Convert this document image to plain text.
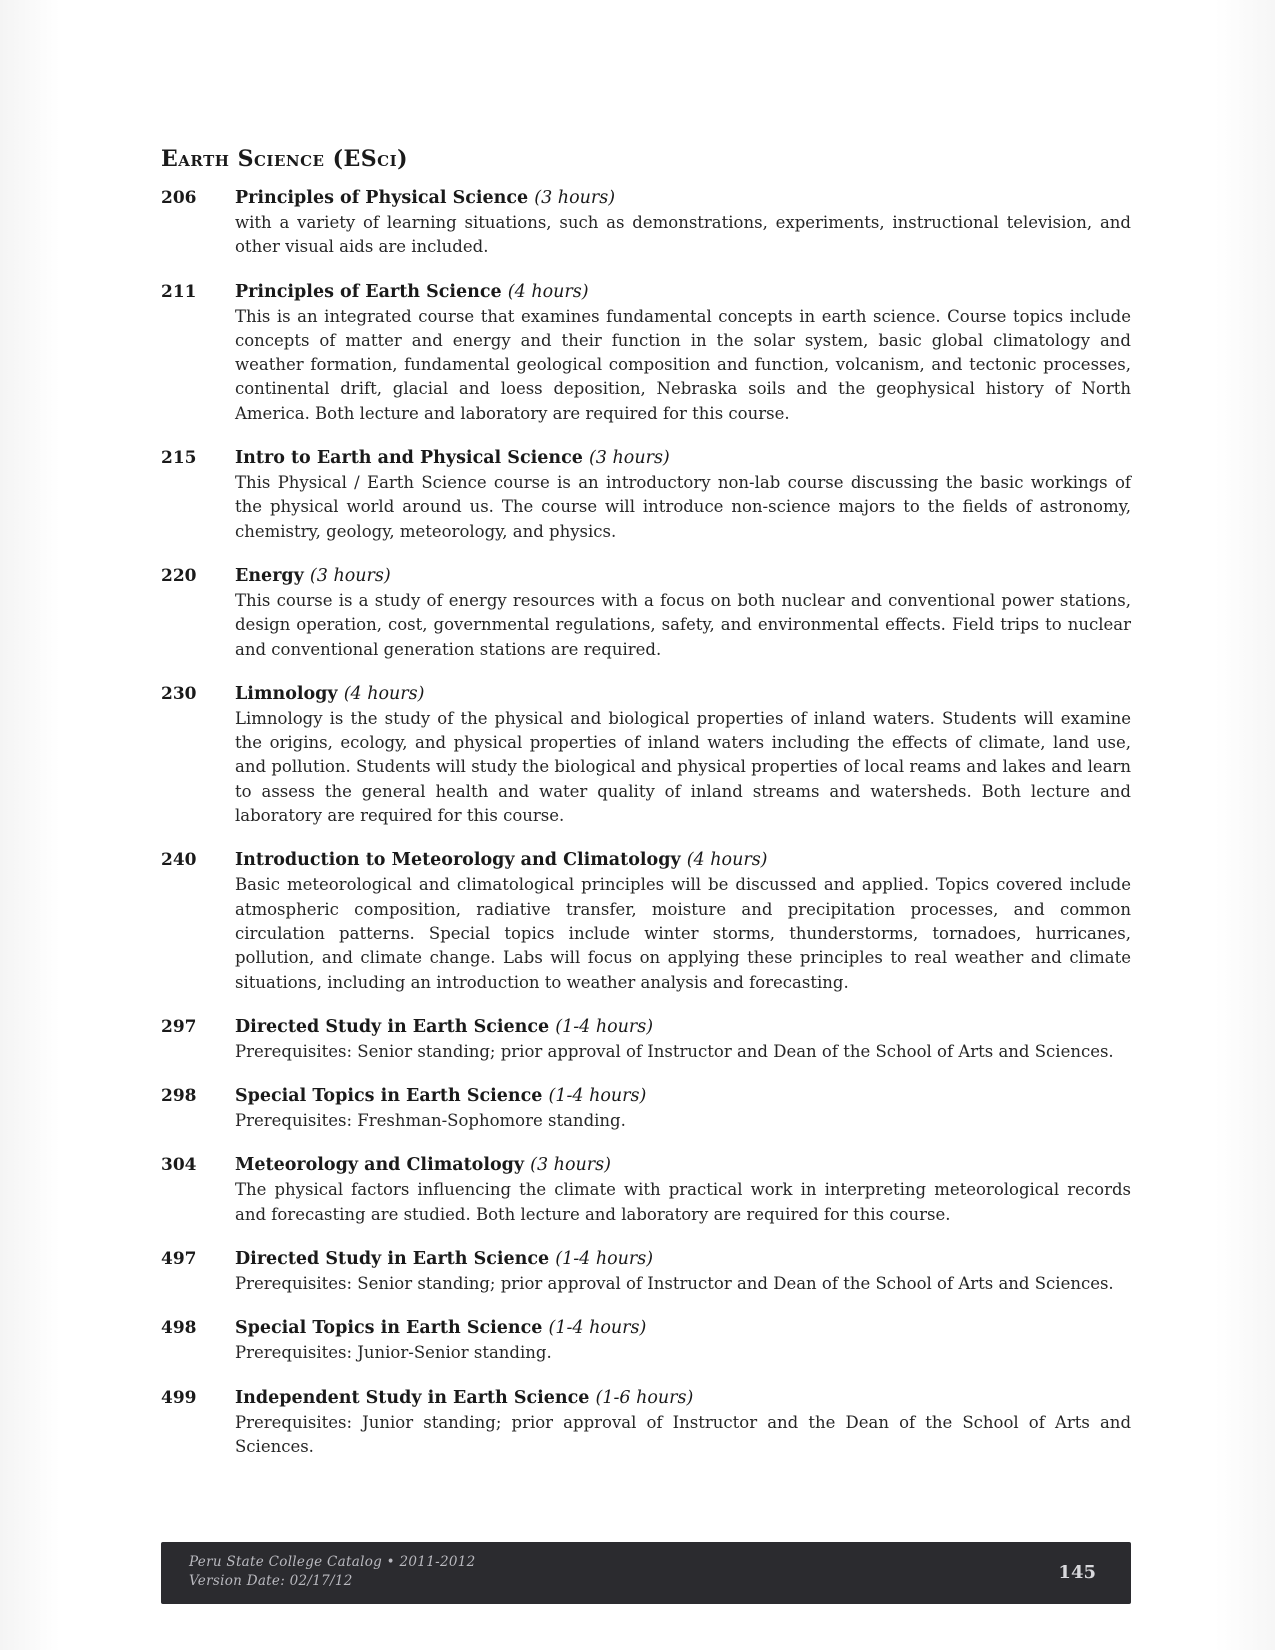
Earth Science (ESci)
206 Principles of Physical Science (3 hours)
with a variety of learning situations, such as demonstrations, experiments, instructional television, and other visual aids are included.
211 Principles of Earth Science (4 hours)
This is an integrated course that examines fundamental concepts in earth science. Course topics include concepts of matter and energy and their function in the solar system, basic global climatology and weather formation, fundamental geological composition and function, volcanism, and tectonic processes, continental drift, glacial and loess deposition, Nebraska soils and the geophysical history of North America. Both lecture and laboratory are required for this course.
215 Intro to Earth and Physical Science (3 hours)
This Physical / Earth Science course is an introductory non-lab course discussing the basic workings of the physical world around us. The course will introduce non-science majors to the fields of astronomy, chemistry, geology, meteorology, and physics.
220 Energy (3 hours)
This course is a study of energy resources with a focus on both nuclear and conventional power stations, design operation, cost, governmental regulations, safety, and environmental effects. Field trips to nuclear and conventional generation stations are required.
230 Limnology (4 hours)
Limnology is the study of the physical and biological properties of inland waters. Students will examine the origins, ecology, and physical properties of inland waters including the effects of climate, land use, and pollution. Students will study the biological and physical properties of local reams and lakes and learn to assess the general health and water quality of inland streams and watersheds. Both lecture and laboratory are required for this course.
240 Introduction to Meteorology and Climatology (4 hours)
Basic meteorological and climatological principles will be discussed and applied. Topics covered include atmospheric composition, radiative transfer, moisture and precipitation processes, and common circulation patterns. Special topics include winter storms, thunderstorms, tornadoes, hurricanes, pollution, and climate change. Labs will focus on applying these principles to real weather and climate situations, including an introduction to weather analysis and forecasting.
297 Directed Study in Earth Science (1-4 hours)
Prerequisites: Senior standing; prior approval of Instructor and Dean of the School of Arts and Sciences.
298 Special Topics in Earth Science (1-4 hours)
Prerequisites: Freshman-Sophomore standing.
304 Meteorology and Climatology (3 hours)
The physical factors influencing the climate with practical work in interpreting meteorological records and forecasting are studied. Both lecture and laboratory are required for this course.
497 Directed Study in Earth Science (1-4 hours)
Prerequisites: Senior standing; prior approval of Instructor and Dean of the School of Arts and Sciences.
498 Special Topics in Earth Science (1-4 hours)
Prerequisites: Junior-Senior standing.
499 Independent Study in Earth Science (1-6 hours)
Prerequisites: Junior standing; prior approval of Instructor and the Dean of the School of Arts and Sciences.
Peru State College Catalog • 2011-2012
Version Date: 02/17/12	145
